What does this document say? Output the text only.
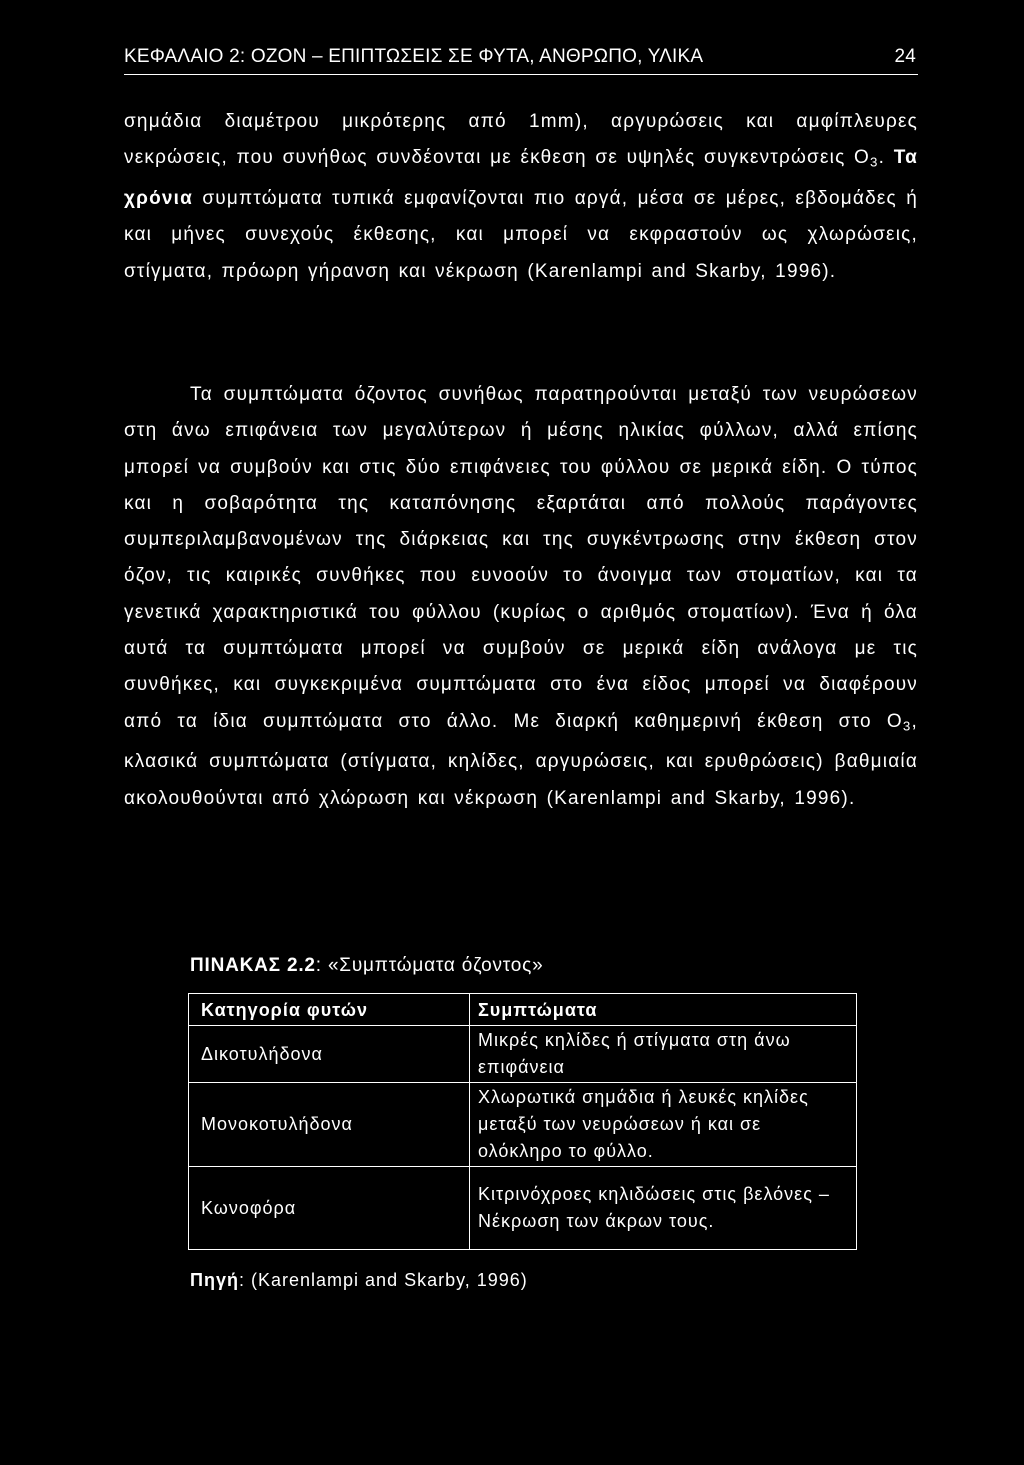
ΚΕΦΑΛΑΙΟ 2: ΟΖΟΝ – ΕΠΙΠΤΩΣΕΙΣ ΣΕ ΦΥΤΑ, ΑΝΘΡΩΠΟ, ΥΛΙΚΑ	24

σημάδια διαμέτρου μικρότερης από 1mm), αργυρώσεις και αμφίπλευρες νεκρώσεις, που συνήθως συνδέονται με έκθεση σε υψηλές συγκεντρώσεις $O_3$. Τα χρόνια συμπτώματα τυπικά εμφανίζονται πιο αργά, μέσα σε μέρες, εβδομάδες ή και μήνες συνεχούς έκθεσης, και μπορεί να εκφραστούν ως χλωρώσεις, στίγματα, πρόωρη γήρανση και νέκρωση (Karenlampi and Skarby, 1996).

Τα συμπτώματα όζοντος συνήθως παρατηρούνται μεταξύ των νευρώσεων στη άνω επιφάνεια των μεγαλύτερων ή μέσης ηλικίας φύλλων, αλλά επίσης μπορεί να συμβούν και στις δύο επιφάνειες του φύλλου σε μερικά είδη. Ο τύπος και η σοβαρότητα της καταπόνησης εξαρτάται από πολλούς παράγοντες συμπεριλαμβανομένων της διάρκειας και της συγκέντρωσης στην έκθεση στον όζον, τις καιρικές συνθήκες που ευνοούν το άνοιγμα των στοματίων, και τα γενετικά χαρακτηριστικά του φύλλου (κυρίως ο αριθμός στοματίων). Ένα ή όλα αυτά τα συμπτώματα μπορεί να συμβούν σε μερικά είδη ανάλογα με τις συνθήκες, και συγκεκριμένα συμπτώματα στο ένα είδος μπορεί να διαφέρουν από τα ίδια συμπτώματα στο άλλο. Με διαρκή καθημερινή έκθεση στο $O_3$, κλασικά συμπτώματα (στίγματα, κηλίδες, αργυρώσεις, και ερυθρώσεις) βαθμιαία ακολουθούνται από χλώρωση και νέκρωση (Karenlampi and Skarby, 1996).

ΠΙΝΑΚΑΣ 2.2: «Συμπτώματα όζοντος»
Κατηγορία φυτών	Συμπτώματα
Δικοτυλήδονα	Μικρές κηλίδες ή στίγματα στη άνω επιφάνεια
Μονοκοτυλήδονα	Χλωρωτικά σημάδια ή λευκές κηλίδες μεταξύ των νευρώσεων ή και σε ολόκληρο το φύλλο.
Κωνοφόρα	Κιτρινόχροες κηλιδώσεις στις βελόνες – Νέκρωση των άκρων τους.
Πηγή: (Karenlampi and Skarby, 1996)
